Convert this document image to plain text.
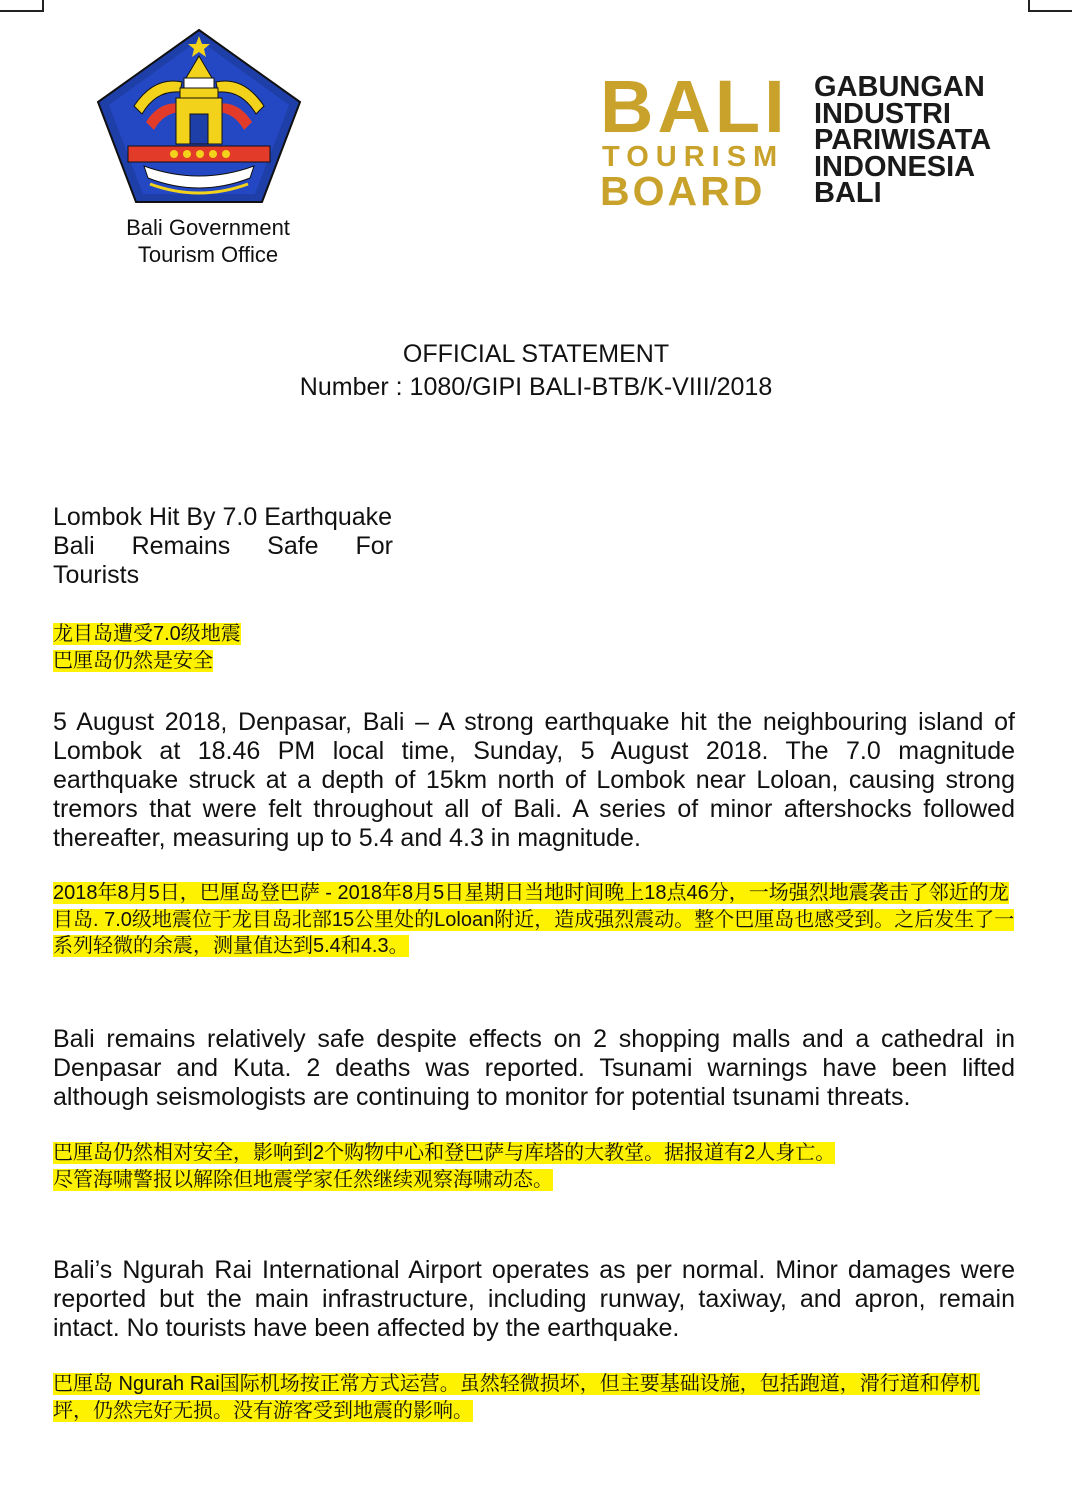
Bali Government
Tourism Office
BALI
TOURISM
BOARD
GABUNGAN
INDUSTRI
PARIWISATA
INDONESIA
BALI
OFFICIAL STATEMENT
Number : 1080/GIPI BALI-BTB/K-VIII/2018
Lombok Hit By 7.0 Earthquake
Bali Remains Safe For
Tourists
龙目岛遭受7.0级地震
巴厘岛仍然是安全
5 August 2018, Denpasar, Bali – A strong earthquake hit the neighbouring island of Lombok at 18.46 PM local time, Sunday, 5 August 2018. The 7.0 magnitude earthquake struck at a depth of 15km north of Lombok near Loloan, causing strong tremors that were felt throughout all of Bali. A series of minor aftershocks followed thereafter, measuring up to 5.4 and 4.3 in magnitude.
2018年8月5日，巴厘岛登巴萨 - 2018年8月5日星期日当地时间晚上18点46分，一场强烈地震袭击了邻近的龙目岛. 7.0级地震位于龙目岛北部15公里处的Loloan附近，造成强烈震动。整个巴厘岛也感受到。之后发生了一系列轻微的余震，测量值达到5.4和4.3。
Bali remains relatively safe despite effects on 2 shopping malls and a cathedral in Denpasar and Kuta. 2 deaths was reported. Tsunami warnings have been lifted although seismologists are continuing to monitor for potential tsunami threats.
巴厘岛仍然相对安全，影响到2个购物中心和登巴萨与库塔的大教堂。据报道有2人身亡。
尽管海啸警报以解除但地震学家任然继续观察海啸动态。
Bali’s Ngurah Rai International Airport operates as per normal. Minor damages were reported but the main infrastructure, including runway, taxiway, and apron, remain intact. No tourists have been affected by the earthquake.
巴厘岛 Ngurah Rai国际机场按正常方式运营。虽然轻微损坏，但主要基础设施，包括跑道，滑行道和停机坪，仍然完好无损。没有游客受到地震的影响。
